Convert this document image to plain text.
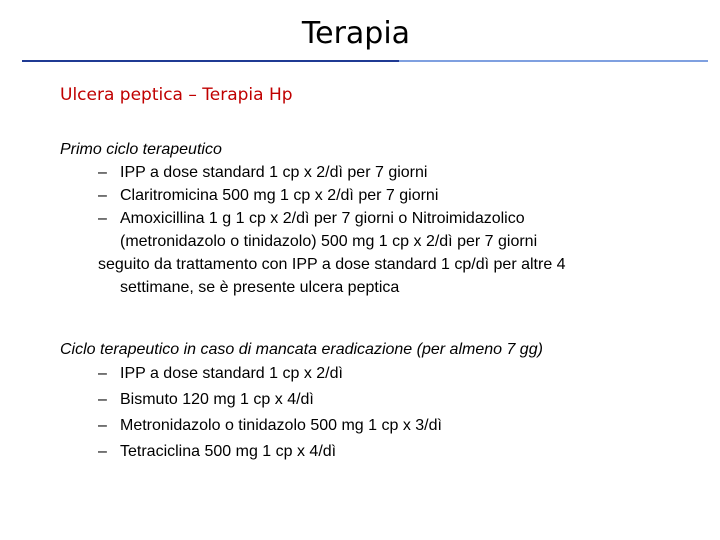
Terapia
Ulcera peptica – Terapia Hp
Primo ciclo terapeutico
– IPP a dose standard 1 cp x 2/dì per 7 giorni
– Claritromicina 500 mg 1 cp x 2/dì per 7 giorni
– Amoxicillina 1 g 1 cp x 2/dì per 7 giorni o Nitroimidazolico
(metronidazolo o tinidazolo) 500 mg 1 cp x 2/dì per 7 giorni
seguito da trattamento con IPP a dose standard 1 cp/dì per altre 4
settimane, se è presente ulcera peptica
Ciclo terapeutico in caso di mancata eradicazione (per almeno 7 gg)
– IPP a dose standard 1 cp x 2/dì
– Bismuto 120 mg 1 cp x 4/dì
– Metronidazolo o tinidazolo 500 mg 1 cp x 3/dì
– Tetraciclina 500 mg 1 cp x 4/dì
